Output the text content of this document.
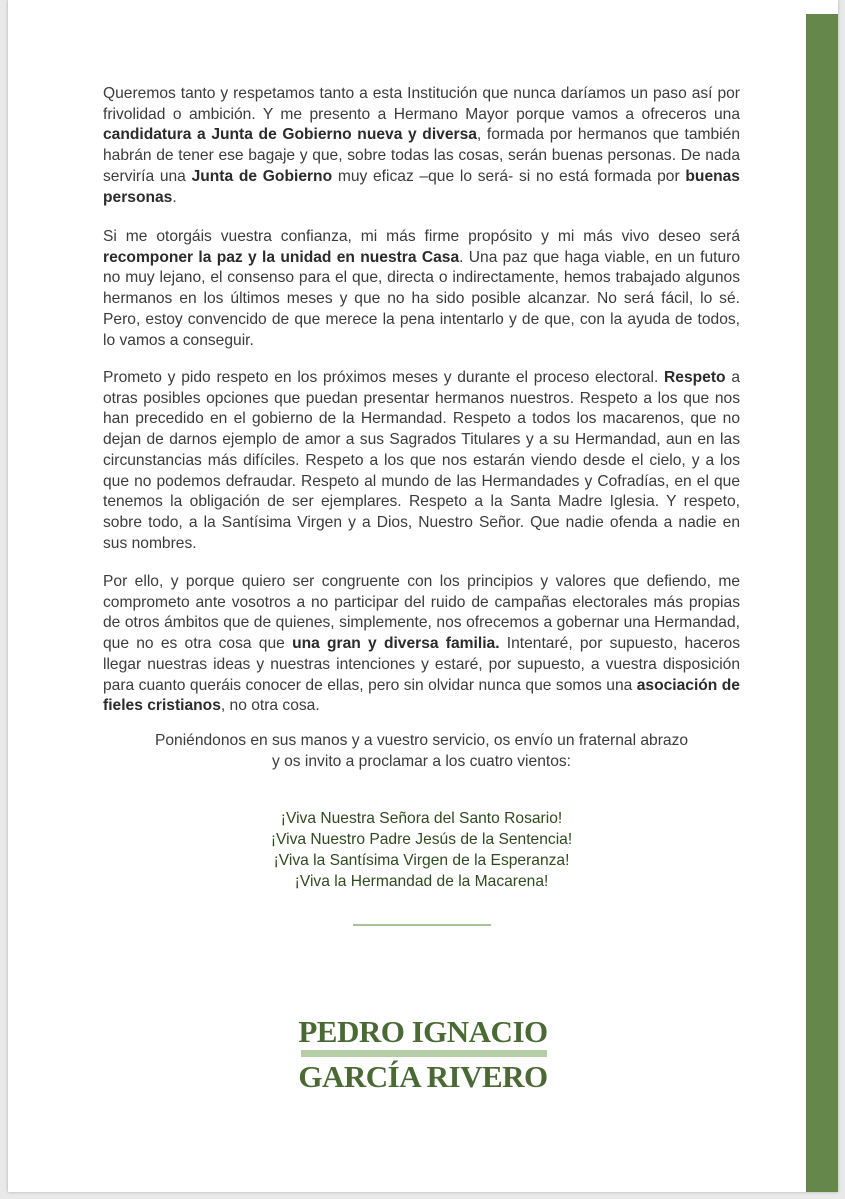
Queremos tanto y respetamos tanto a esta Institución que nunca daríamos un paso así por frivolidad o ambición. Y me presento a Hermano Mayor porque vamos a ofreceros una candidatura a Junta de Gobierno nueva y diversa, formada por hermanos que también habrán de tener ese bagaje y que, sobre todas las cosas, serán buenas personas. De nada serviría una Junta de Gobierno muy eficaz –que lo será- si no está formada por buenas personas.

Si me otorgáis vuestra confianza, mi más firme propósito y mi más vivo deseo será recomponer la paz y la unidad en nuestra Casa. Una paz que haga viable, en un futuro no muy lejano, el consenso para el que, directa o indirectamente, hemos trabajado algunos hermanos en los últimos meses y que no ha sido posible alcanzar. No será fácil, lo sé. Pero, estoy convencido de que merece la pena intentarlo y de que, con la ayuda de todos, lo vamos a conseguir.

Prometo y pido respeto en los próximos meses y durante el proceso electoral. Respeto a otras posibles opciones que puedan presentar hermanos nuestros. Respeto a los que nos han precedido en el gobierno de la Hermandad. Respeto a todos los macarenos, que no dejan de darnos ejemplo de amor a sus Sagrados Titulares y a su Hermandad, aun en las circunstancias más difíciles. Respeto a los que nos estarán viendo desde el cielo, y a los que no podemos defraudar. Respeto al mundo de las Hermandades y Cofradías, en el que tenemos la obligación de ser ejemplares. Respeto a la Santa Madre Iglesia. Y respeto, sobre todo, a la Santísima Virgen y a Dios, Nuestro Señor. Que nadie ofenda a nadie en sus nombres.

Por ello, y porque quiero ser congruente con los principios y valores que defiendo, me comprometo ante vosotros a no participar del ruido de campañas electorales más propias de otros ámbitos que de quienes, simplemente, nos ofrecemos a gobernar una Hermandad, que no es otra cosa que una gran y diversa familia. Intentaré, por supuesto, haceros llegar nuestras ideas y nuestras intenciones y estaré, por supuesto, a vuestra disposición para cuanto queráis conocer de ellas, pero sin olvidar nunca que somos una asociación de fieles cristianos, no otra cosa.

Poniéndonos en sus manos y a vuestro servicio, os envío un fraternal abrazo
y os invito a proclamar a los cuatro vientos:
¡Viva Nuestra Señora del Santo Rosario!
¡Viva Nuestro Padre Jesús de la Sentencia!
¡Viva la Santísima Virgen de la Esperanza!
¡Viva la Hermandad de la Macarena!
PEDRO IGNACIO
GARCÍA RIVERO
